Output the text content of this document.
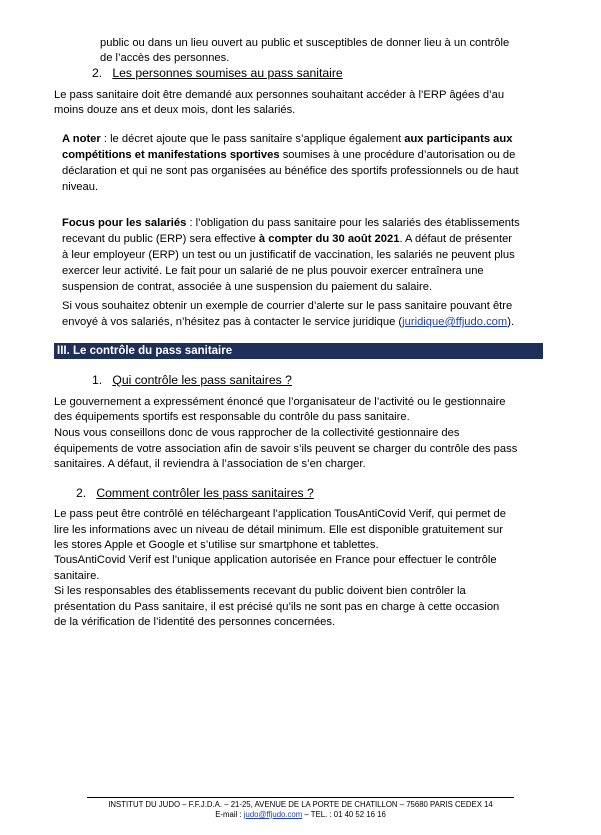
public ou dans un lieu ouvert au public et susceptibles de donner lieu à un contrôle

de l’accès des personnes.

2. Les personnes soumises au pass sanitaire

Le pass sanitaire doit être demandé aux personnes souhaitant accéder à l’ERP âgées d’au

moins douze ans et deux mois, dont les salariés.

A noter : le décret ajoute que le pass sanitaire s’applique également aux participants aux

compétitions et manifestations sportives soumises à une procédure d’autorisation ou de

déclaration et qui ne sont pas organisées au bénéfice des sportifs professionnels ou de haut

niveau.

Focus pour les salariés : l’obligation du pass sanitaire pour les salariés des établissements

recevant du public (ERP) sera effective à compter du 30 août 2021. A défaut de présenter

à leur employeur (ERP) un test ou un justificatif de vaccination, les salariés ne peuvent plus

exercer leur activité. Le fait pour un salarié de ne plus pouvoir exercer entraînera une

suspension de contrat, associée à une suspension du paiement du salaire.

Si vous souhaitez obtenir un exemple de courrier d’alerte sur le pass sanitaire pouvant être

envoyé à vos salariés, n’hésitez pas à contacter le service juridique (juridique@ffjudo.com).

III. Le contrôle du pass sanitaire

1. Qui contrôle les pass sanitaires ?

Le gouvernement a expressément énoncé que l’organisateur de l’activité ou le gestionnaire

des équipements sportifs est responsable du contrôle du pass sanitaire.

Nous vous conseillons donc de vous rapprocher de la collectivité gestionnaire des

équipements de votre association afin de savoir s’ils peuvent se charger du contrôle des pass

sanitaires. A défaut, il reviendra à l’association de s’en charger.

2. Comment contrôler les pass sanitaires ?

Le pass peut être contrôlé en téléchargeant l’application TousAntiCovid Verif, qui permet de

lire les informations avec un niveau de détail minimum. Elle est disponible gratuitement sur

les stores Apple et Google et s’utilise sur smartphone et tablettes.

TousAntiCovid Verif est l’unique application autorisée en France pour effectuer le contrôle

sanitaire.

Si les responsables des établissements recevant du public doivent bien contrôler la

présentation du Pass sanitaire, il est précisé qu’ils ne sont pas en charge à cette occasion

de la vérification de l’identité des personnes concernées.

INSTITUT DU JUDO – F.F.J.D.A. – 21-25, AVENUE DE LA PORTE DE CHATILLON – 75680 PARIS CEDEX 14
E-mail : judo@ffjudo.com – TEL. : 01 40 52 16 16
